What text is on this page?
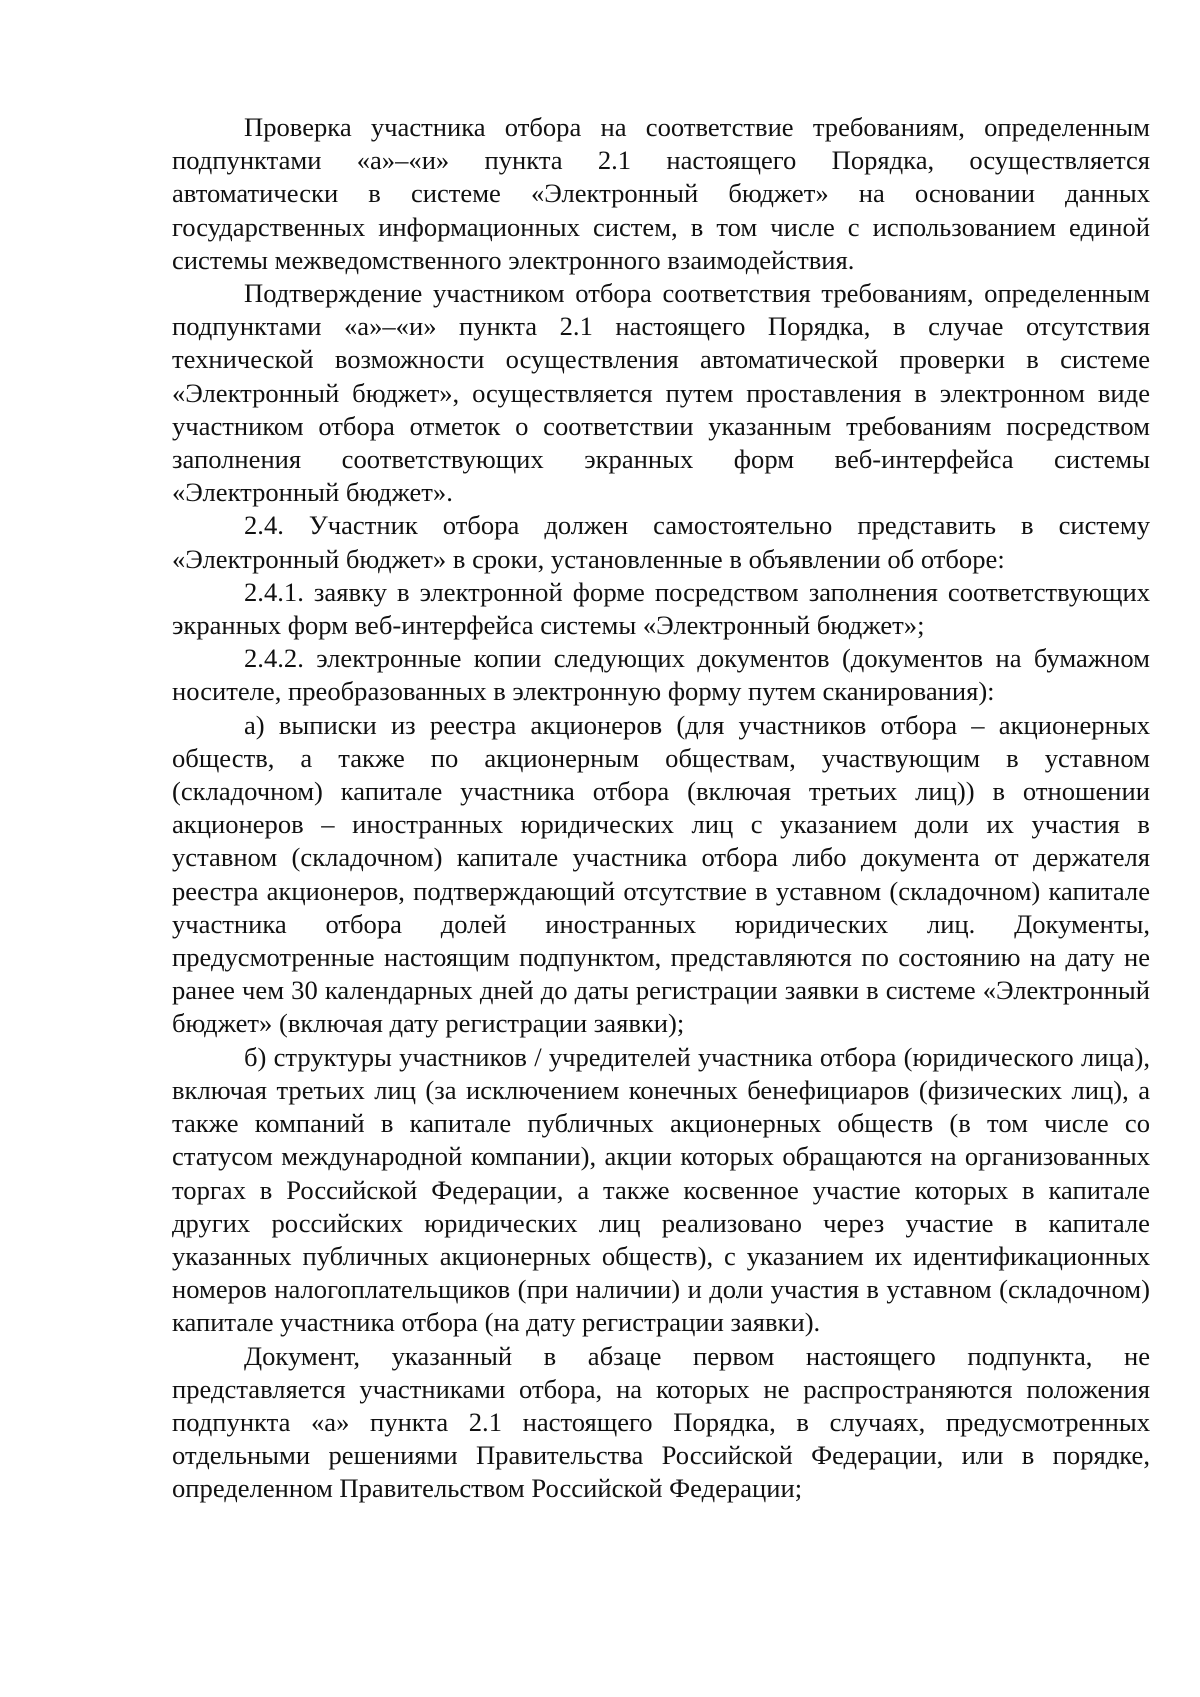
Проверка участника отбора на соответствие требованиям, определенным подпунктами «а»–«и» пункта 2.1 настоящего Порядка, осуществляется автоматически в системе «Электронный бюджет» на основании данных государственных информационных систем, в том числе с использованием единой системы межведомственного электронного взаимодействия.

Подтверждение участником отбора соответствия требованиям, определенным подпунктами «а»–«и» пункта 2.1 настоящего Порядка, в случае отсутствия технической возможности осуществления автоматической проверки в системе «Электронный бюджет», осуществляется путем проставления в электронном виде участником отбора отметок о соответствии указанным требованиям посредством заполнения соответствующих экранных форм веб-интерфейса системы «Электронный бюджет».

2.4. Участник отбора должен самостоятельно представить в систему «Электронный бюджет» в сроки, установленные в объявлении об отборе:

2.4.1. заявку в электронной форме посредством заполнения соответствующих экранных форм веб-интерфейса системы «Электронный бюджет»;

2.4.2. электронные копии следующих документов (документов на бумажном носителе, преобразованных в электронную форму путем сканирования):

а) выписки из реестра акционеров (для участников отбора – акционерных обществ, а также по акционерным обществам, участвующим в уставном (складочном) капитале участника отбора (включая третьих лиц)) в отношении акционеров – иностранных юридических лиц с указанием доли их участия в уставном (складочном) капитале участника отбора либо документа от держателя реестра акционеров, подтверждающий отсутствие в уставном (складочном) капитале участника отбора долей иностранных юридических лиц. Документы, предусмотренные настоящим подпунктом, представляются по состоянию на дату не ранее чем 30 календарных дней до даты регистрации заявки в системе «Электронный бюджет» (включая дату регистрации заявки);

б) структуры участников / учредителей участника отбора (юридического лица), включая третьих лиц (за исключением конечных бенефициаров (физических лиц), а также компаний в капитале публичных акционерных обществ (в том числе со статусом международной компании), акции которых обращаются на организованных торгах в Российской Федерации, а также косвенное участие которых в капитале других российских юридических лиц реализовано через участие в капитале указанных публичных акционерных обществ), с указанием их идентификационных номеров налогоплательщиков (при наличии) и доли участия в уставном (складочном) капитале участника отбора (на дату регистрации заявки).

Документ, указанный в абзаце первом настоящего подпункта, не представляется участниками отбора, на которых не распространяются положения подпункта «а» пункта 2.1 настоящего Порядка, в случаях, предусмотренных отдельными решениями Правительства Российской Федерации, или в порядке, определенном Правительством Российской Федерации;
